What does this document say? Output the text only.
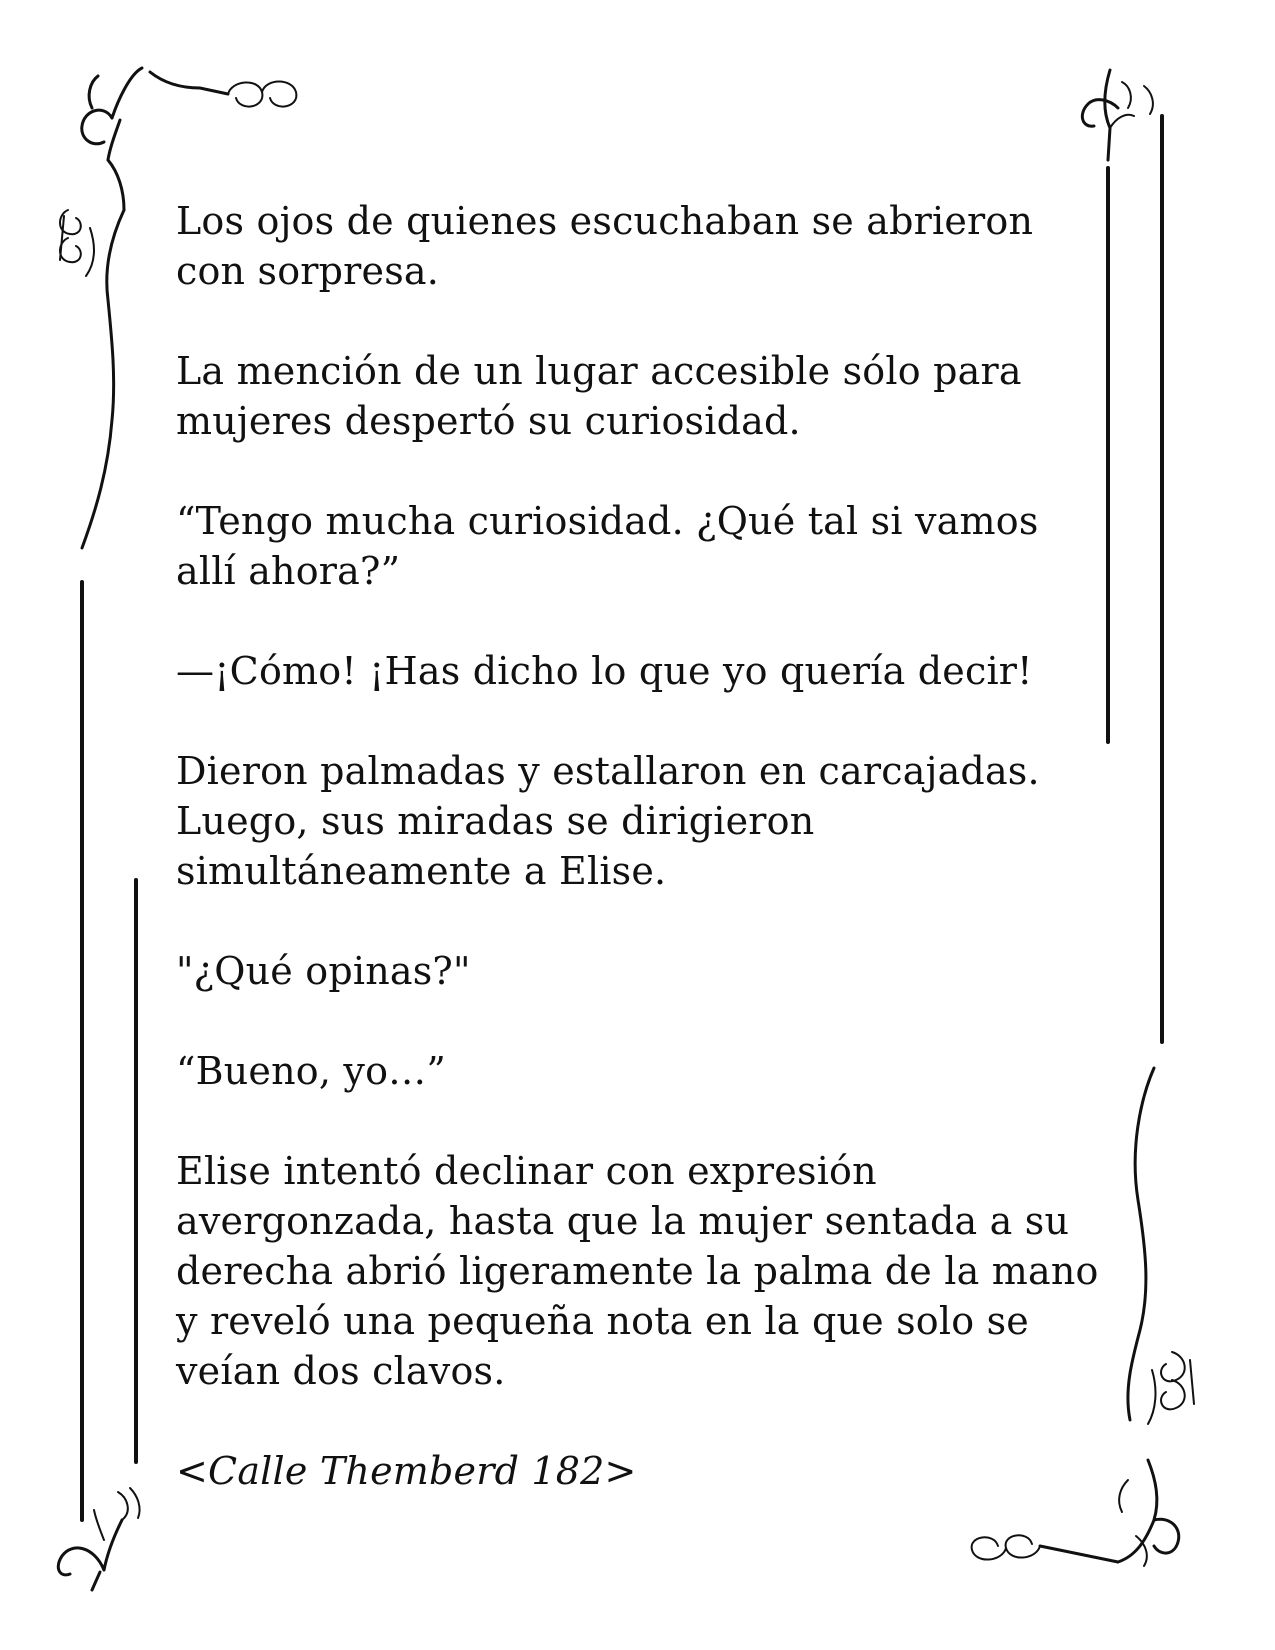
Los ojos de quienes escuchaban se abrieron con sorpresa.

La mención de un lugar accesible sólo para mujeres despertó su curiosidad.

“Tengo mucha curiosidad. ¿Qué tal si vamos allí ahora?”

—¡Cómo! ¡Has dicho lo que yo quería decir!

Dieron palmadas y estallaron en carcajadas. Luego, sus miradas se dirigieron simultáneamente a Elise.

"¿Qué opinas?"

“Bueno, yo…”

Elise intentó declinar con expresión avergonzada, hasta que la mujer sentada a su derecha abrió ligeramente la palma de la mano y reveló una pequeña nota en la que solo se veían dos clavos.

<Calle Themberd 182>
